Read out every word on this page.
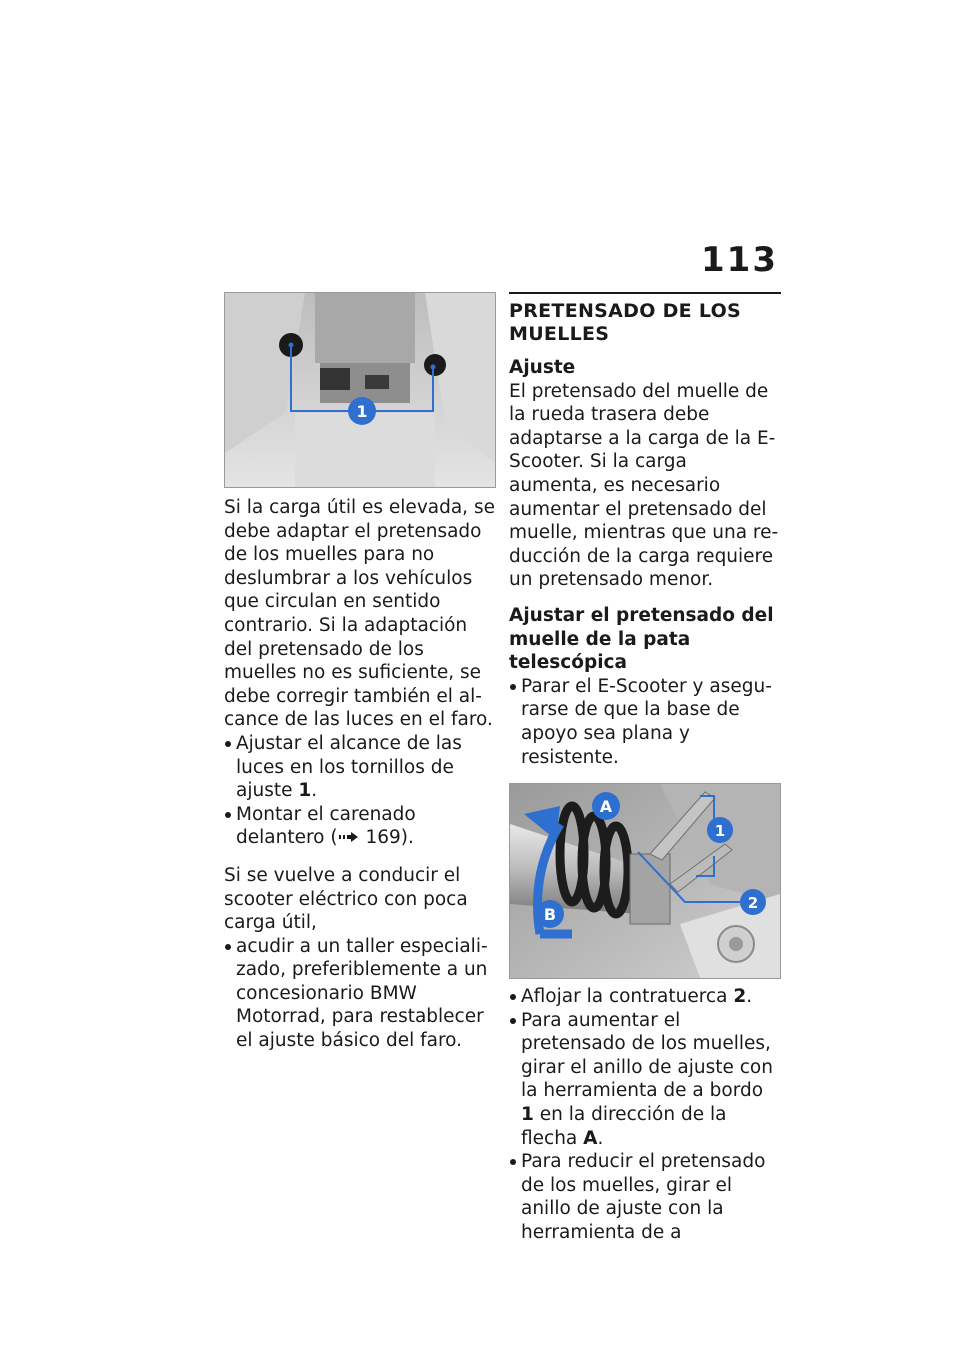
113
1

Si la carga útil es elevada, se debe adaptar el pretensado de los muelles para no deslumbrar a los vehículos que circulan en sentido contrario. Si la adaptación del pretensado de los muelles no es suficiente, se debe corregir también el alcance de las luces en el faro.

Ajustar el alcance de las luces en los tornillos de ajuste 1.
Montar el carenado delantero ( 169).

Si se vuelve a conducir el scooter eléctrico con poca carga útil,

acudir a un taller especializado, preferiblemente a un concesionario BMW Motorrad, para restablecer el ajuste básico del faro.
PRETENSADO DE LOS MUELLES
Ajuste

El pretensado del muelle de la rueda trasera debe adaptarse a la carga de la E-Scooter. Si la carga aumenta, es necesario aumentar el pretensado del muelle, mientras que una reducción de la carga requiere un pretensado menor.

Ajustar el pretensado del muelle de la pata telescópica
Parar el E-Scooter y asegurarse de que la base de apoyo sea plana y resistente.
A
B
1
2
Aflojar la contratuerca 2.
Para aumentar el pretensado de los muelles, girar el anillo de ajuste con la herramienta de a bordo 1 en la dirección de la flecha A.
Para reducir el pretensado de los muelles, girar el anillo de ajuste con la herramienta de a
